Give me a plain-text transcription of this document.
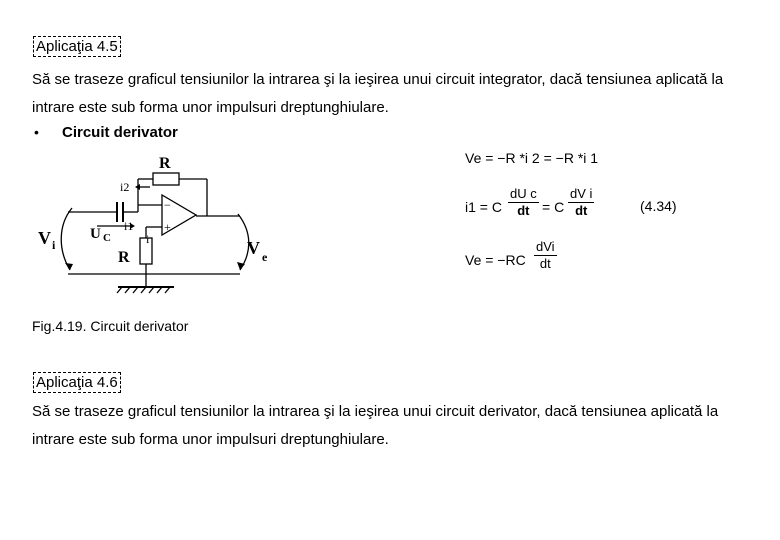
Aplicaţia 4.5
Să se traseze graficul tensiunilor la intrarea şi la ieşirea unui circuit integrator, dacă tensiunea aplicată la
intrare este sub forma unor impulsuri dreptunghiulare.
• Circuit derivator
R
R
V i	V e
U C
i2
i1
i
−
+
Ve = −R *i 2 = −R *i 1
i1 = C $\frac{\text{dU c}}{dt} = C \frac{\text{dV i}}{dt}$	(4.34)
Ve = −RC
dVi
dt
Fig.4.19. Circuit derivator
Aplicaţia 4.6
Să se traseze graficul tensiunilor la intrarea şi la ieşirea unui circuit derivator, dacă tensiunea aplicată la
intrare este sub forma unor impulsuri dreptunghiulare.
